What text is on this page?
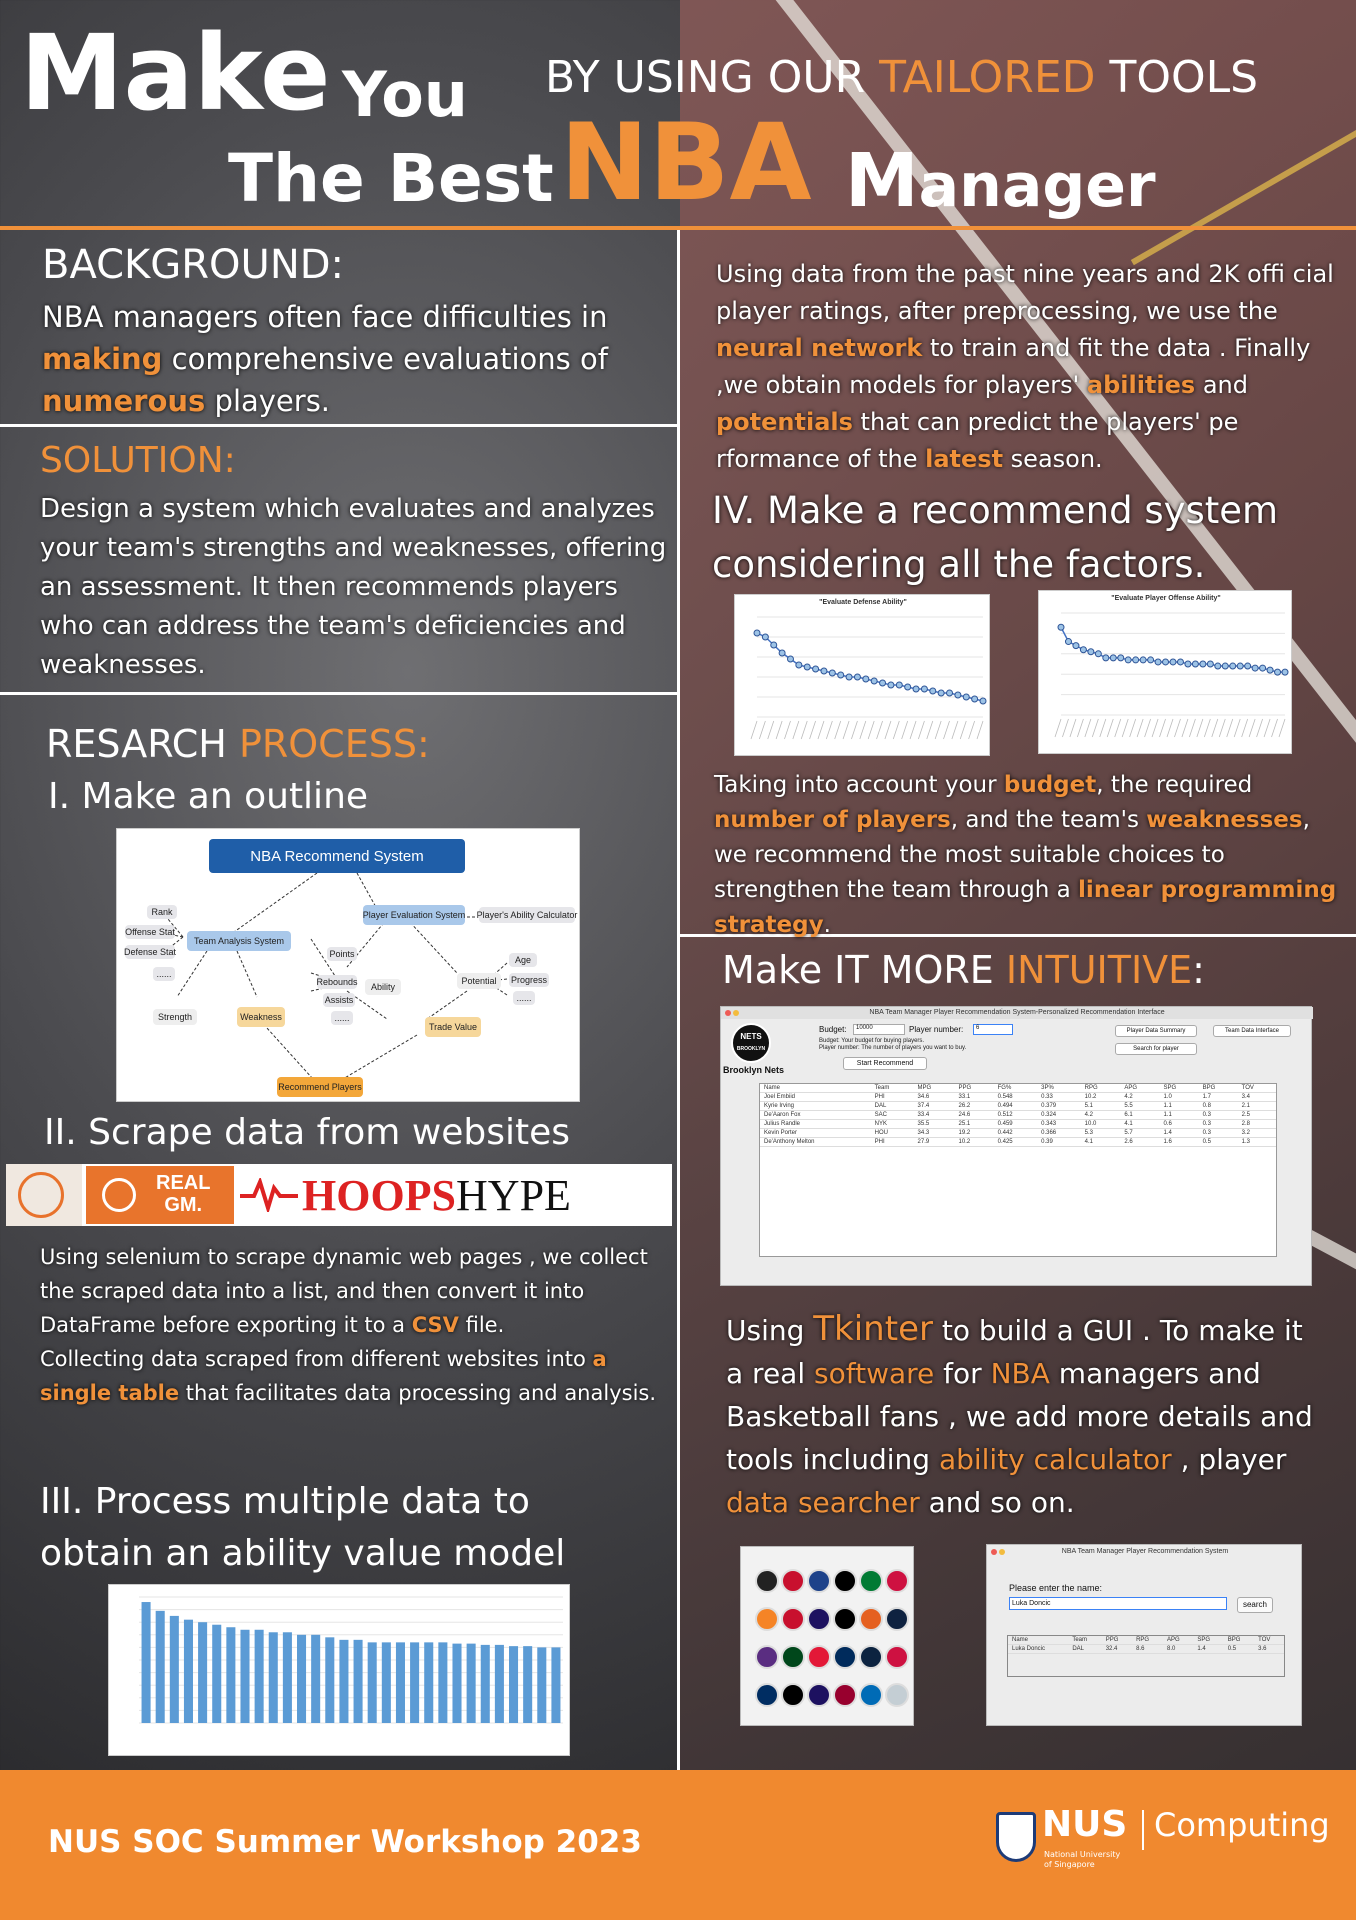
Make You BY USING OUR TAILORED TOOLS
The Best NBA Manager
BACKGROUND:
NBA managers often face difficulties in
making comprehensive evaluations of
numerous players.
SOLUTION:
Design a system which evaluates and analyzes your team's strengths and weaknesses, offering an assessment. It then recommends players who can address the team's deficiencies and weaknesses.
RESARCH PROCESS:
I. Make an outline
NBA Recommend System
Rank
Offense Stat
Defense Stat
......
Team Analysis System
Player Evaluation System Player's Ability Calculator
Strength	Weakness
Points
Rebounds
Assists
......
Ability
Potential
Age
Progress
......
Trade Value
Recommend Players
II. Scrape data from websites
REAL
GM. HOOPSHYPE
Using selenium to scrape dynamic web pages , we collect the scraped data into a list, and then convert it into DataFrame before exporting it to a CSV file.
Collecting data scraped from different websites into a single table that facilitates data processing and analysis.
III. Process multiple data to
obtain an ability value model
Using data from the past nine years and 2K offi cial player ratings, after preprocessing, we use the neural network to train and fit the data . Finally ,we obtain models for players' abilities and potentials that can predict the players' pe rformance of the latest season.
IV. Make a recommend system
considering all the factors.
"Evaluate Defense Ability"
"Evaluate Player Offense Ability"
Taking into account your budget, the required number of players, and the team's weaknesses, we recommend the most suitable choices to strengthen the team through a linear programming strategy.
Make IT MORE INTUITIVE:
NBA Team Manager Player Recommendation System-Personalized Recommendation Interface
NETS
BROOKLYN
Brooklyn Nets
Budget:	10000	Player number:	6
Budget: Your budget for buying players.
Player number: The number of players you want to buy.
Start Recommend
Player Data Summary	Team Data Interface
Search for player
Name	Team	MPG	PPG	FG%	3P%	RPG	APG	SPG	BPG	TOV
Joel Embiid	PHI	34.6	33.1	0.548	0.33	10.2	4.2	1.0	1.7	3.4
Kyrie Irving	DAL	37.4	26.2	0.494	0.379	5.1	5.5	1.1	0.8	2.1
De'Aaron Fox	SAC	33.4	24.6	0.512	0.324	4.2	6.1	1.1	0.3	2.5
Julius Randle	NYK	35.5	25.1	0.459	0.343	10.0	4.1	0.6	0.3	2.8
Kevin Porter	HOU	34.3	19.2	0.442	0.366	5.3	5.7	1.4	0.3	3.2
De'Anthony Melton	PHI	27.9	10.2	0.425	0.39	4.1	2.6	1.6	0.5	1.3
Using Tkinter to build a GUI . To make it a real software for NBA managers and Basketball fans , we add more details and tools including ability calculator , player data searcher and so on.
NBA Team Manager Player Recommendation System
Please enter the name:
Luka Doncic	search
Name	Team	PPG	RPG	APG	SPG	BPG	TOV
Luka Doncic	DAL	32.4	8.6	8.0	1.4	0.5	3.6
NUS SOC Summer Workshop 2023	NUS
National University
of Singapore
Computing
